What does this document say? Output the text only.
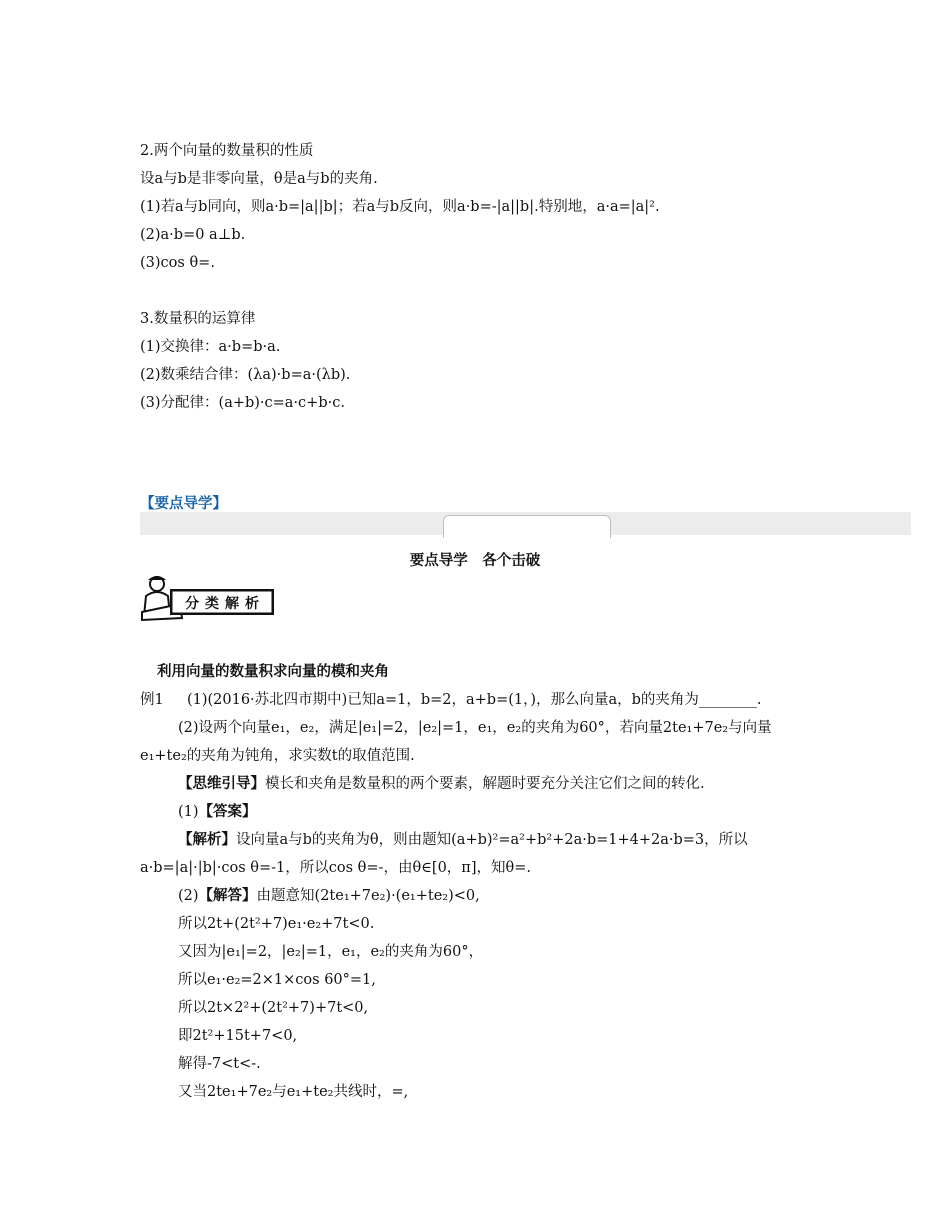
2.两个向量的数量积的性质
设a与b是非零向量，θ是a与b的夹角.
(1)若a与b同向，则a·b=|a||b|；若a与b反向，则a·b=-|a||b|.特别地，a·a=|a|².
(2)a·b=0 a⊥b.
(3)cos θ=.
3.数量积的运算律
(1)交换律：a·b=b·a.
(2)数乘结合律：(λa)·b=a·(λb).
(3)分配律：(a+b)·c=a·c+b·c.
【要点导学】
要点导学　各个击破
分类解析
利用向量的数量积求向量的模和夹角
例1 (1)(2016·苏北四市期中)已知a=1，b=2，a+b=(1，)，那么向量a，b的夹角为________.
(2)设两个向量e₁，e₂，满足|e₁|=2，|e₂|=1，e₁，e₂的夹角为60°，若向量2te₁+7e₂与向量
e₁+te₂的夹角为钝角，求实数t的取值范围.
【思维引导】模长和夹角是数量积的两个要素，解题时要充分关注它们之间的转化.
(1)【答案】
【解析】设向量a与b的夹角为θ，则由题知(a+b)²=a²+b²+2a·b=1+4+2a·b=3，所以
a·b=|a|·|b|·cos θ=-1，所以cos θ=-，由θ∈[0，π]，知θ=.
(2)【解答】由题意知(2te₁+7e₂)·(e₁+te₂)<0,
所以2t+(2t²+7)e₁·e₂+7t<0.
又因为|e₁|=2，|e₂|=1，e₁，e₂的夹角为60°，
所以e₁·e₂=2×1×cos 60°=1,
所以2t×2²+(2t²+7)+7t<0,
即2t²+15t+7<0,
解得-7<t<-.
又当2te₁+7e₂与e₁+te₂共线时，=,
